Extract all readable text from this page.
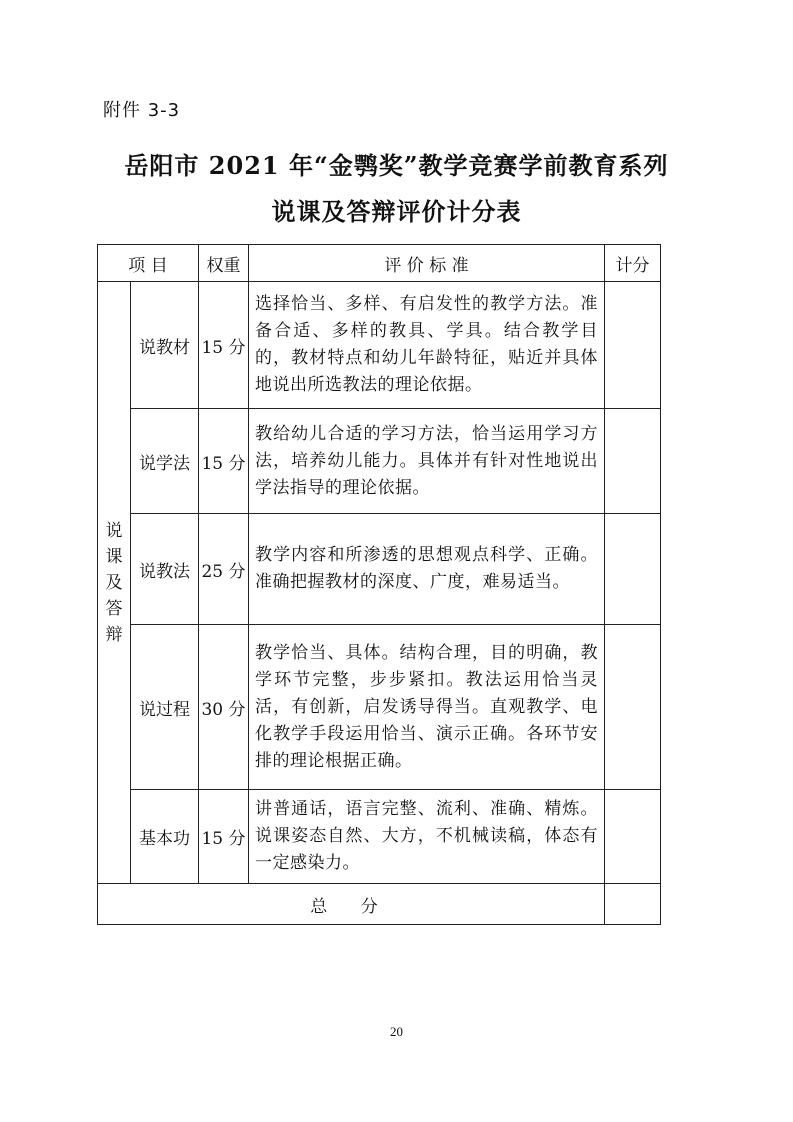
附件 3-3
岳阳市 2021 年“金鹗奖”教学竞赛学前教育系列
说课及答辩评价计分表
项 目		权重	评 价 标 准	计分

说
课
及
答
辩	说教材	15 分	选择恰当、多样、有启发性的教学方法。准备合适、多样的教具、学具。结合教学目的，教材特点和幼儿年龄特征，贴近并具体地说出所选教法的理论依据。	
	说学法	15 分	教给幼儿合适的学习方法，恰当运用学习方法，培养幼儿能力。具体并有针对性地说出学法指导的理论依据。	
	说教法	25 分	教学内容和所渗透的思想观点科学、正确。准确把握教材的深度、广度，难易适当。	
	说过程	30 分	教学恰当、具体。结构合理，目的明确，教学环节完整，步步紧扣。教法运用恰当灵活，有创新，启发诱导得当。直观教学、电化教学手段运用恰当、演示正确。各环节安排的理论根据正确。	
	基本功	15 分	讲普通话，语言完整、流利、准确、精炼。说课姿态自然、大方，不机械读稿，体态有一定感染力。	
总 分				
20
